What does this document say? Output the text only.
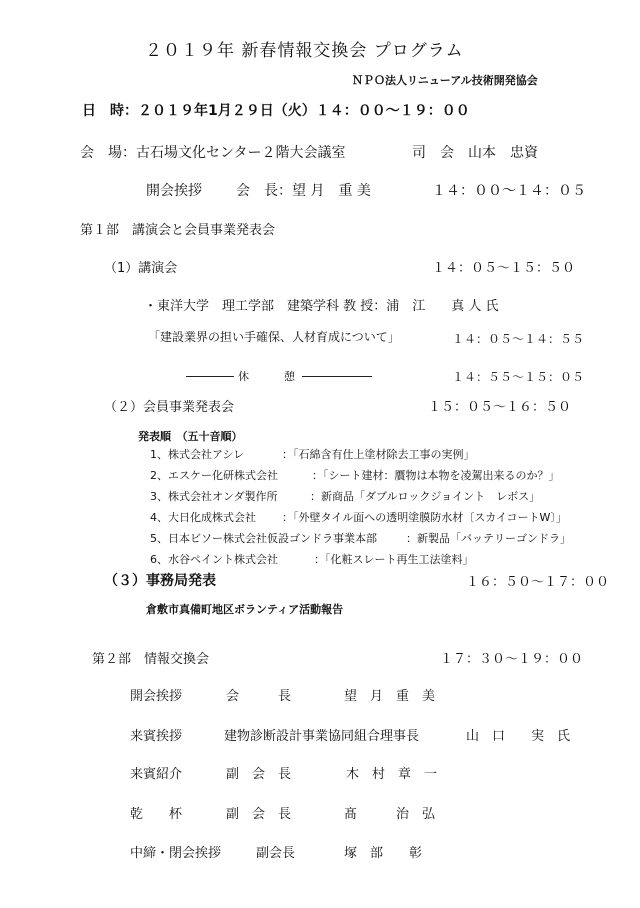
２０１９年 新春情報交換会 プログラム
ＮＰＯ法人リニューアル技術開発協会
日　時：２０１９年1月２９日（火）１４：００～１９：００
会　場：古石場文化センター２階大会議室	司　会　山本　忠資
開会挨拶 会　長：望 月　重 美	１４：００～１４：０５
第１部　講演会と会員事業発表会
（1）講演会	１４：０５～１５：５０
・東洋大学　理工学部　建築学科 教 授：浦　江　　真 人 氏
「建設業界の担い手確保、人材育成について」	１４：０５～１４：５５
休	憩	１４：５５～１５：０５
（２）会員事業発表会	１５：０５～１６：５０
発表順　（五十音順）
1、株式会社アシレ	：「石綿含有仕上塗材除去工事の実例」
2、エスケー化研株式会社	：「シート建材：贋物は本物を凌駕出来るのか？」
3、株式会社オンダ製作所	：新商品「ダブルロックジョイント　レボス」
4、大日化成株式会社 ：「外壁タイル面への透明塗膜防水材〔スカイコートW〕」
5、日本ビソー株式会社仮設ゴンドラ事業本部	：新製品「バッテリーゴンドラ」
6、水谷ペイント株式会社	：「化粧スレート再生工法塗料」
（３）事務局発表	１６：５０～１７：００
倉敷市真備町地区ボランティア活動報告
第２部　情報交換会	１７：３０～１９：００
開会挨拶	会　　　長	望　月　重　美
来賓挨拶	建物診断設計事業協同組合理事長	山　口　　実　氏
来賓紹介	副　会　長	木　村　章　一
乾　　杯	副　会　長	髙　　　治　弘
中締・閉会挨拶	副会長	塚　部　　彰
